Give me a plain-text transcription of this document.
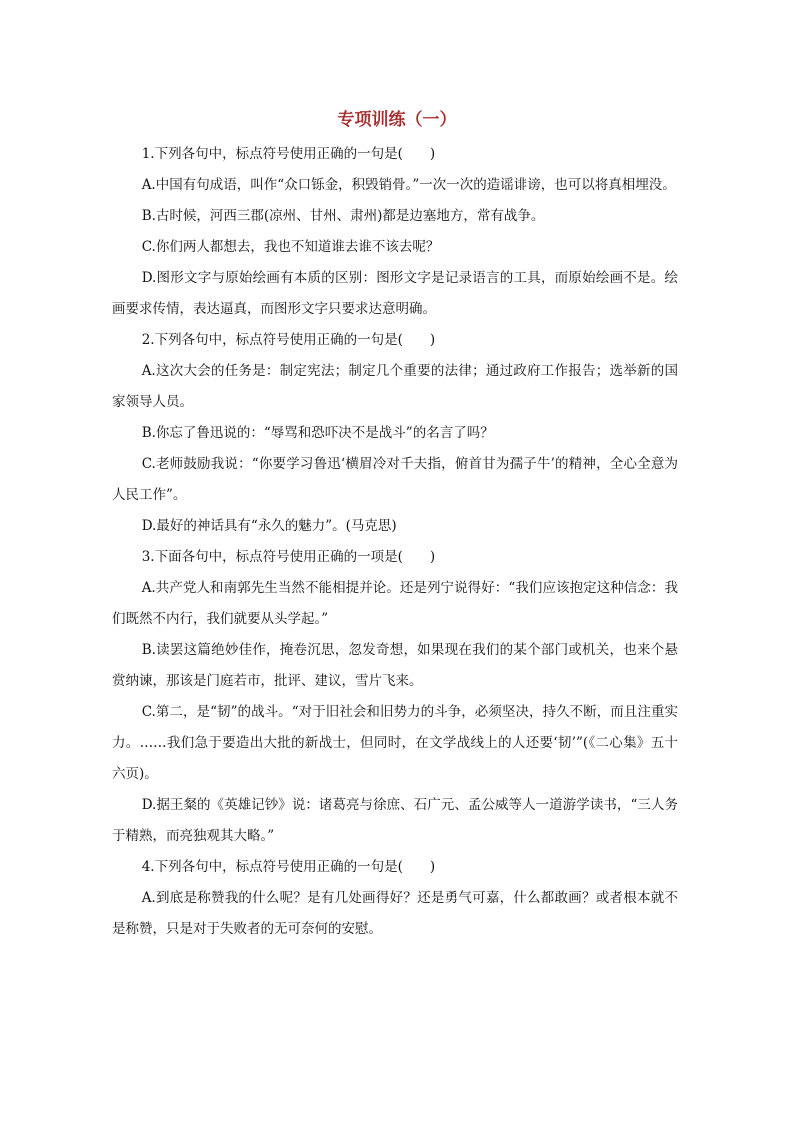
专项训练（一）

1.下列各句中，标点符号使用正确的一句是(　　)

A.中国有句成语，叫作“众口铄金，积毁销骨。”一次一次的造谣诽谤，也可以将真相埋没。

B.古时候，河西三郡(凉州、甘州、肃州)都是边塞地方，常有战争。

C.你们两人都想去，我也不知道谁去谁不该去呢？

D.图形文字与原始绘画有本质的区别：图形文字是记录语言的工具，而原始绘画不是。绘画要求传情，表达逼真，而图形文字只要求达意明确。

2.下列各句中，标点符号使用正确的一句是(　　)

A.这次大会的任务是：制定宪法；制定几个重要的法律；通过政府工作报告；选举新的国家领导人员。

B.你忘了鲁迅说的：“辱骂和恐吓决不是战斗”的名言了吗？

C.老师鼓励我说：“你要学习鲁迅‘横眉冷对千夫指，俯首甘为孺子牛’的精神，全心全意为人民工作”。

D.最好的神话具有“永久的魅力”。(马克思)

3.下面各句中，标点符号使用正确的一项是(　　)

A.共产党人和南郭先生当然不能相提并论。还是列宁说得好：“我们应该抱定这种信念：我们既然不内行，我们就要从头学起。”

B.读罢这篇绝妙佳作，掩卷沉思，忽发奇想，如果现在我们的某个部门或机关，也来个悬赏纳谏，那该是门庭若市，批评、建议，雪片飞来。

C.第二，是“韧”的战斗。“对于旧社会和旧势力的斗争，必须坚决，持久不断，而且注重实力。……我们急于要造出大批的新战士，但同时，在文学战线上的人还要‘韧’”(《二心集》五十六页)。

D.据王粲的《英雄记钞》说：诸葛亮与徐庶、石广元、孟公威等人一道游学读书，“三人务于精熟，而亮独观其大略。”

4.下列各句中，标点符号使用正确的一句是(　　)

A.到底是称赞我的什么呢？是有几处画得好？还是勇气可嘉，什么都敢画？或者根本就不是称赞，只是对于失败者的无可奈何的安慰。
